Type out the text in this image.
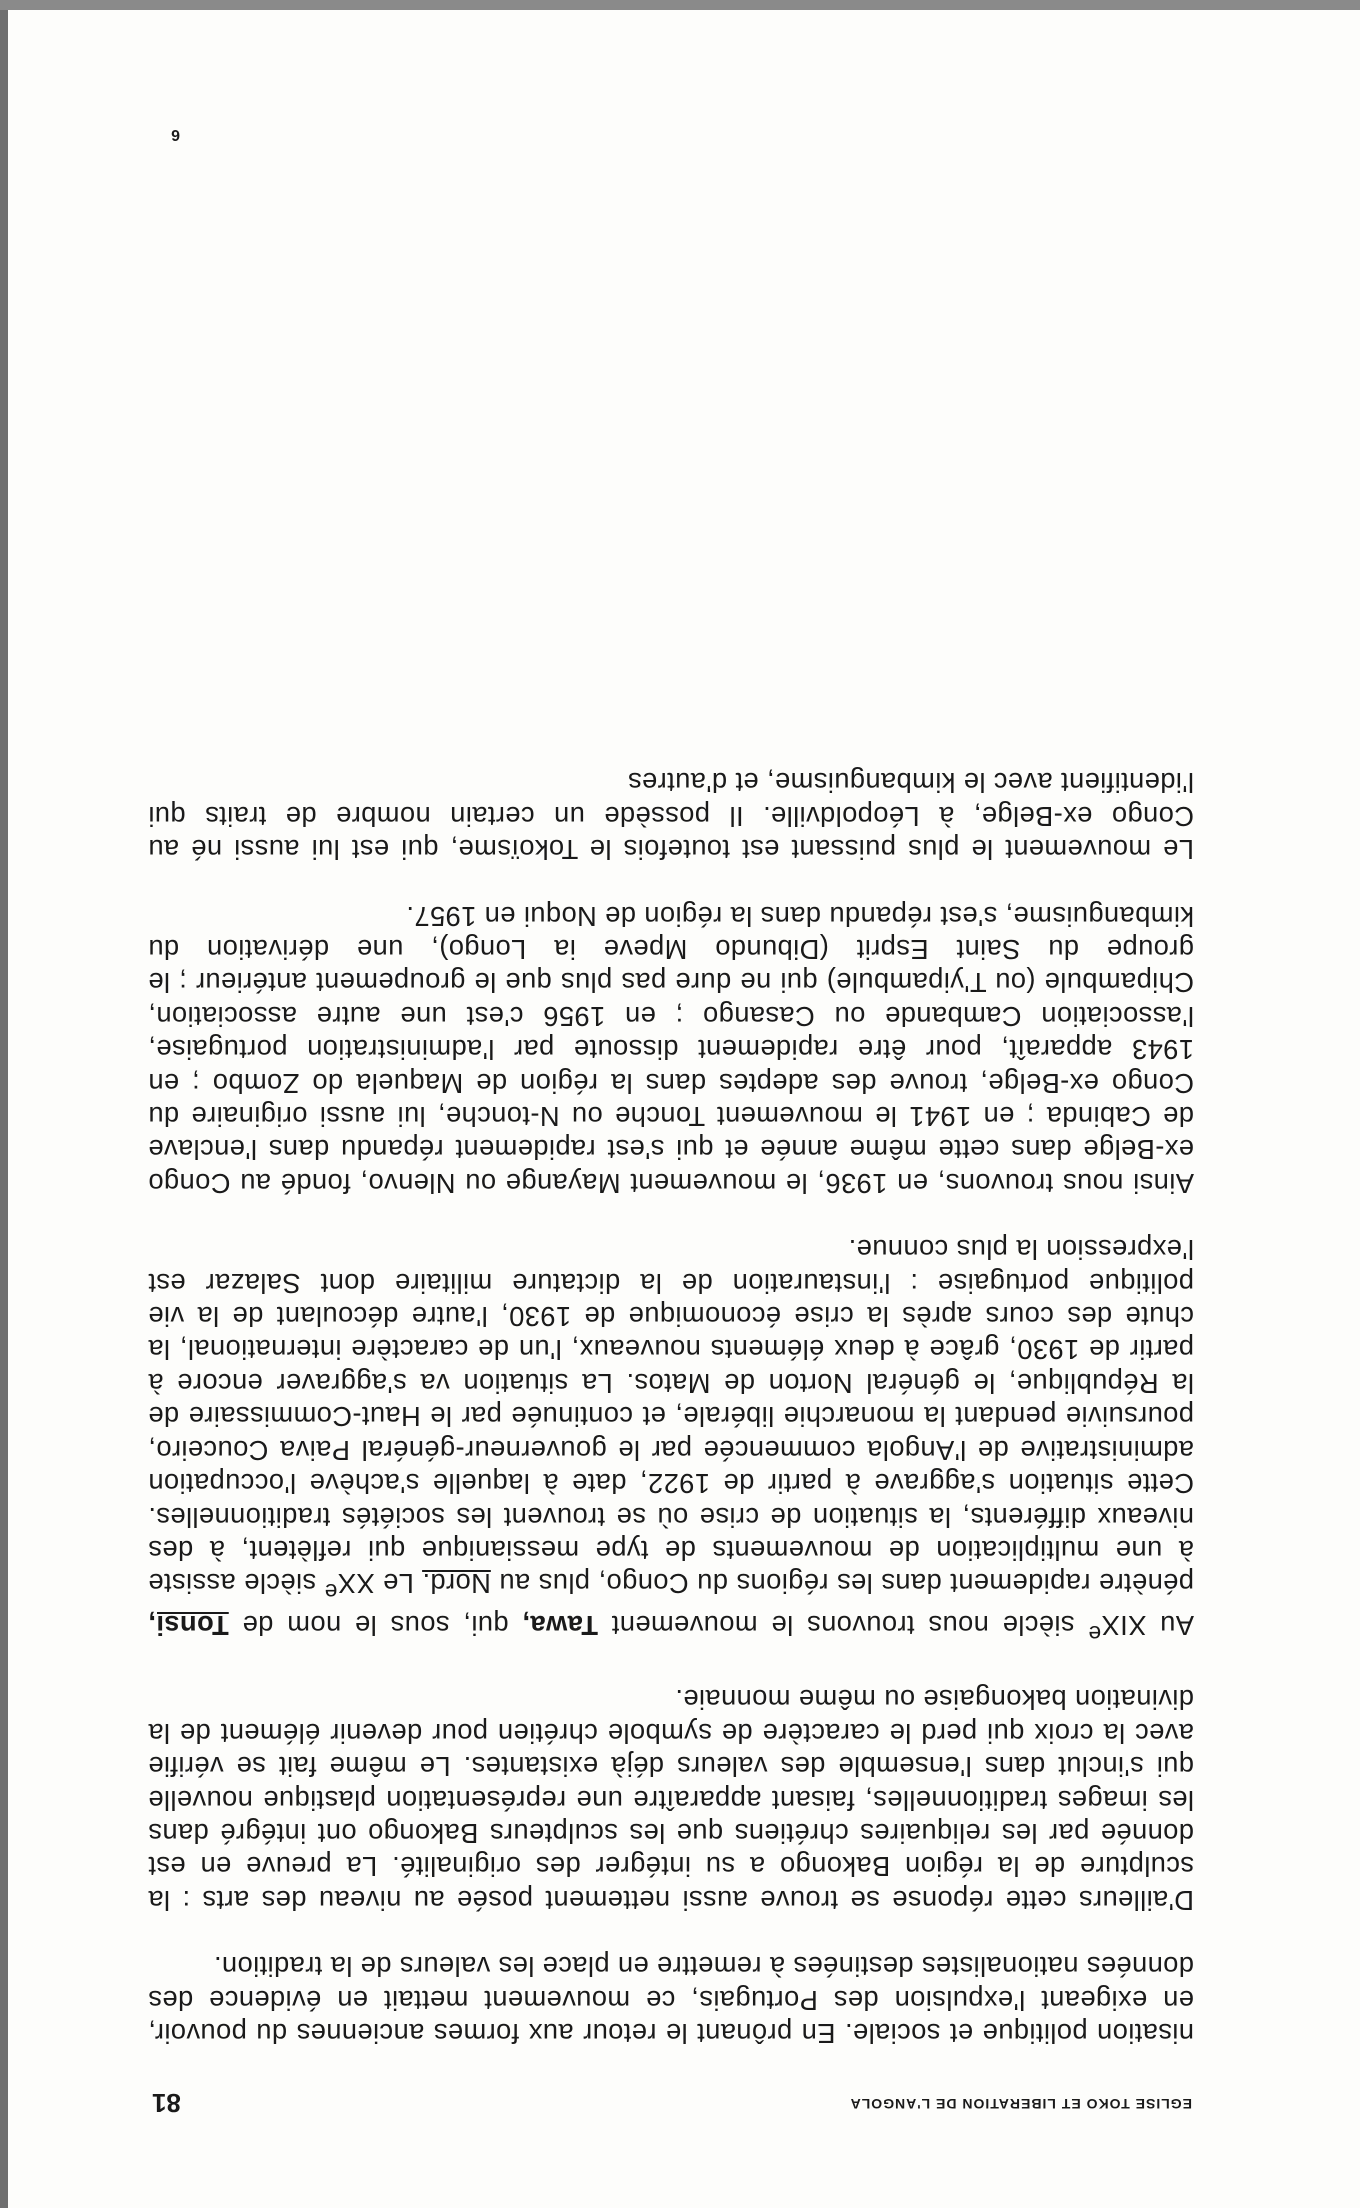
EGLISE TOKO ET LIBERATION DE L'ANGOLA
81

nisation politique et sociale. En prônant le retour aux formes anciennes du pouvoir, en exigeant l'expulsion des Portugais, ce mouvement mettait en évidence des données nationalistes destinées à remettre en place les valeurs de la tradition.

D'ailleurs cette réponse se trouve aussi nettement posée au niveau des arts : la sculpture de la région Bakongo a su intégrer des originalité. La preuve en est donnée par les reliquaires chrétiens que les sculpteurs Bakongo ont intégré dans les images traditionnelles, faisant apparaître une représentation plastique nouvelle qui s'inclut dans l'ensemble des valeurs déjà existantes. Le même fait se vérifie avec la croix qui perd le caractère de symbole chrétien pour devenir élément de la divination bakongaise ou même monnaie.

Au XIXe siècle nous trouvons le mouvement Tawa, qui, sous le nom de Tonsi, pénètre rapidement dans les régions du Congo, plus au Nord. Le XXe siècle assiste à une multiplication de mouvements de type messianique qui reflètent, à des niveaux différents, la situation de crise où se trouvent les sociétés traditionnelles. Cette situation s'aggrave à partir de 1922, date à laquelle s'achève l'occupation administrative de l'Angola commencée par le gouverneur-général Paiva Couceiro, poursuivie pendant la monarchie libérale, et continuée par le Haut-Commissaire de la République, le général Norton de Matos. La situation va s'aggraver encore à partir de 1930, grâce à deux éléments nouveaux, l'un de caractère international, la chute des cours après la crise économique de 1930, l'autre découlant de la vie politique portugaise : l'instauration de la dictature militaire dont Salazar est l'expression la plus connue.

Ainsi nous trouvons, en 1936, le mouvement Mayange ou Nlenvo, fondé au Congo ex-Belge dans cette même année et qui s'est rapidement répandu dans l'enclave de Cabinda ; en 1941 le mouvement Tonche ou N-tonche, lui aussi originaire du Congo ex-Belge, trouve des adeptes dans la région de Maquela do Zombo ; en 1943 apparaît, pour être rapidement dissoute par l'administration portugaise, l'association Cambande ou Casango ; en 1956 c'est une autre association, Chipambule (ou T'yipambule) qui ne dure pas plus que le groupement antérieur ; le groupe du Saint Esprit (Dibundo Mpeve ia Longo), une dérivation du kimbanguisme, s'est répandu dans la région de Noqui en 1957.

Le mouvement le plus puissant est toutefois le Tokoïsme, qui est lui aussi né au Congo ex-Belge, à Léopoldville. Il possède un certain nombre de traits qui l'identifient avec le kimbanguisme, et d'autres

6
